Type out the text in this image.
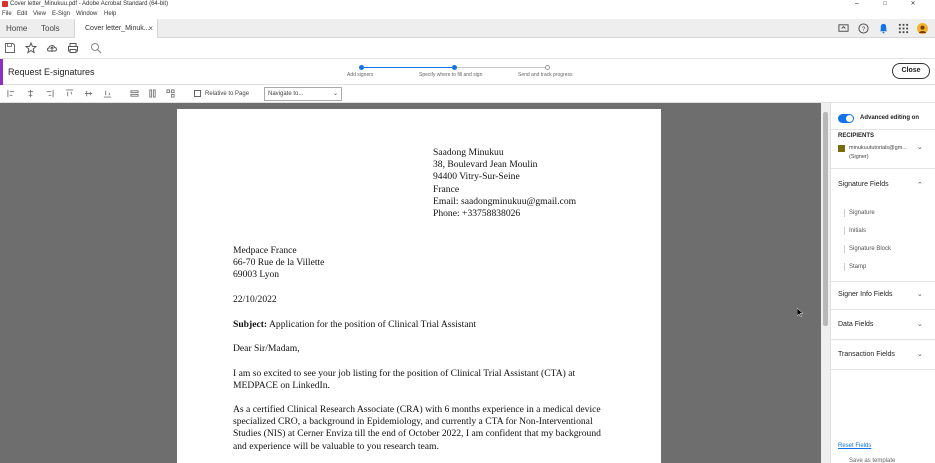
Cover letter_Minukuu.pdf - Adobe Acrobat Standard (64-bit)	–	□	✕
File Edit View E-Sign Window Help
Home Tools	Cover letter_Minuk...
×	?
Request E-signatures	Add signers	Specify where to fill and sign	Send and track progress
Close
Relative to Page	Navigate to...	⌄
Saadong Minukuu
38, Boulevard Jean Moulin
94400 Vitry-Sur-Seine
France
Email: saadongminukuu@gmail.com
Phone: +33758838026
Medpace France
66-70 Rue de la Villette
69003 Lyon
22/10/2022
Subject: Application for the position of Clinical Trial Assistant
Dear Sir/Madam,
I am so excited to see your job listing for the position of Clinical Trial Assistant (CTA) at
MEDPACE on LinkedIn.
As a certified Clinical Research Associate (CRA) with 6 months experience in a medical device
specialized CRO, a background in Epidemiology, and currently a CTA for Non-Interventional
Studies (NIS) at Cerner Enviza till the end of October 2022, I am confident that my background
and experience will be valuable to you research team.
Advanced editing on
RECIPIENTS
minukuututorials@gm...
(Signer)
⌄
Signature Fields	⌃
Signature
Initials
Signature Block
Stamp
Signer Info Fields	⌄
Data Fields	⌄
Transaction Fields	⌄
Reset Fields
Save as template
